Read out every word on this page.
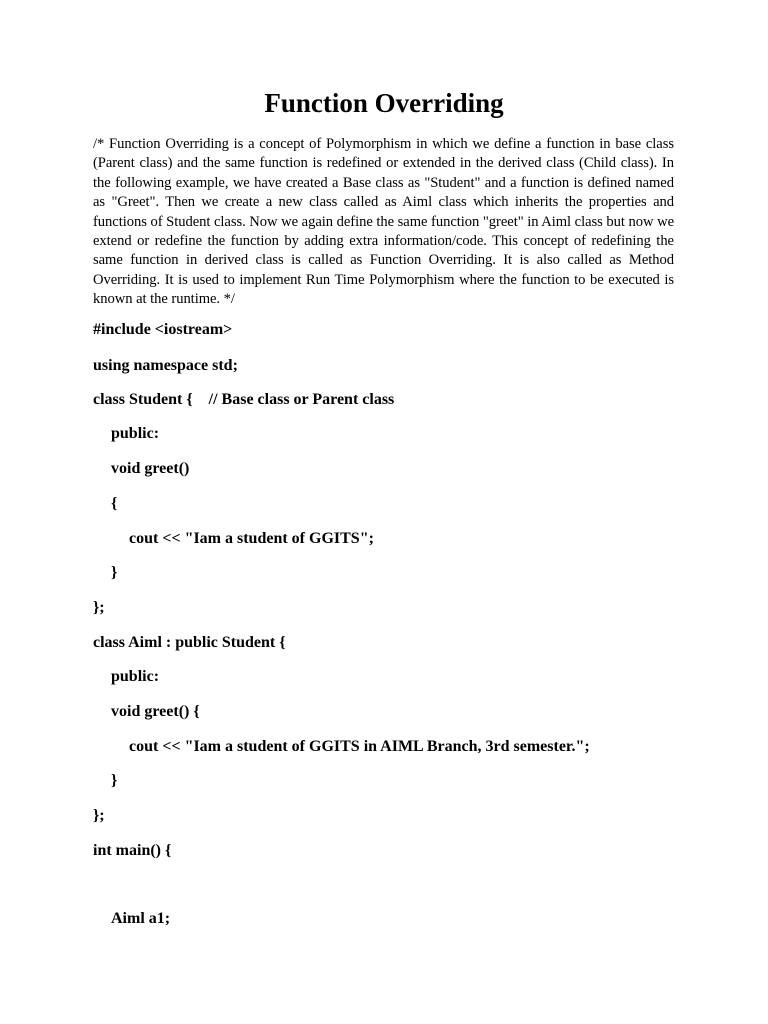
Function Overriding

/* Function Overriding is a concept of Polymorphism in which we define a function in base class (Parent class) and the same function is redefined or extended in the derived class (Child class). In the following example, we have created a Base class as "Student" and a function is defined named as "Greet". Then we create a new class called as Aiml class which inherits the properties and functions of Student class. Now we again define the same function "greet" in Aiml class but now we extend or redefine the function by adding extra information/code. This concept of redefining the same function in derived class is called as Function Overriding. It is also called as Method Overriding. It is used to implement Run Time Polymorphism where the function to be executed is known at the runtime. */

#include <iostream>
using namespace std;
class Student {    // Base class or Parent class
public:
void greet()
{
cout << "Iam a student of GGITS";
}
};
class Aiml : public Student {
public:
void greet() {
cout << "Iam a student of GGITS in AIML Branch, 3rd semester.";
}
};
int main() {
Aiml a1;
